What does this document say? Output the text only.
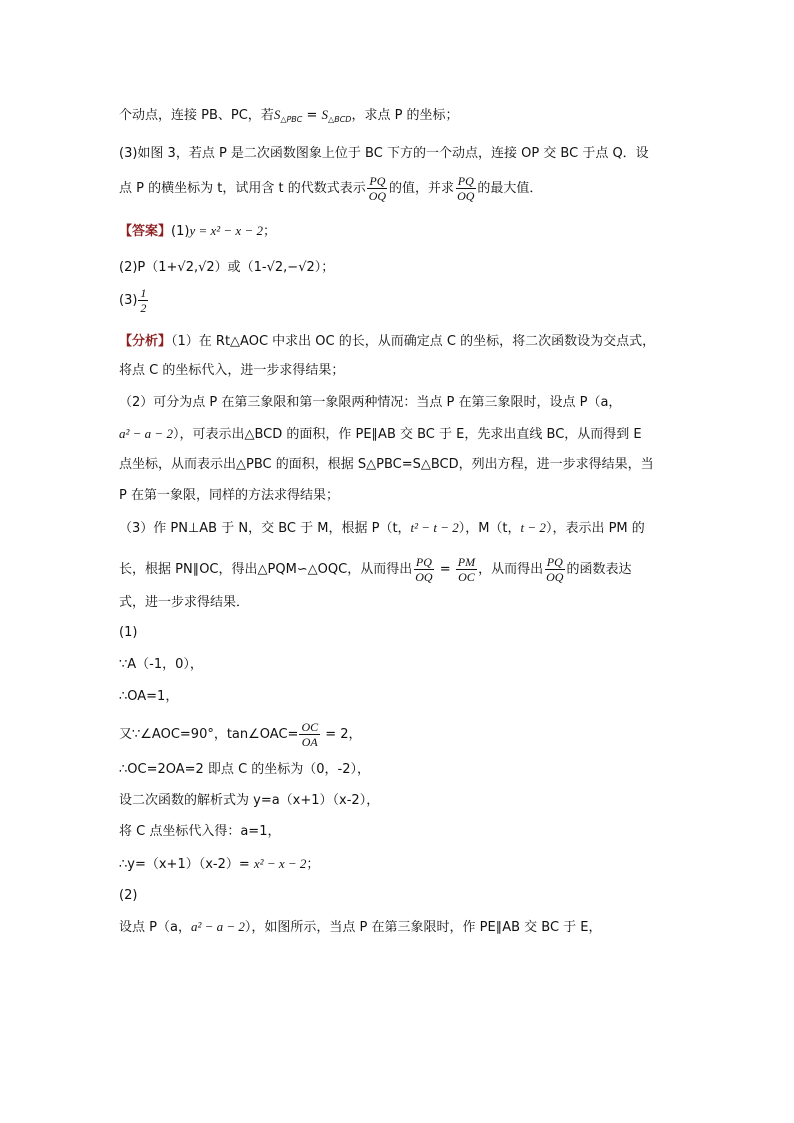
个动点，连接 PB、PC，若$S_{\triangle PBC} = S_{\triangle BCD}$，求点 P 的坐标；
(3)如图 3，若点 P 是二次函数图象上位于 BC 下方的一个动点，连接 OP 交 BC 于点 Q．设
点 P 的横坐标为 t，试用含 t 的代数式表示 $\frac{PQ}{OQ}$ 的值，并求 $\frac{PQ}{OQ}$ 的最大值．
【答案】(1)y = x² − x − 2；
(2)P（1+√2,√2）或（1-√2,−√2）；
$(3) \frac{1}{2}$
【分析】（1）在 Rt△AOC 中求出 OC 的长，从而确定点 C 的坐标，将二次函数设为交点式，
将点 C 的坐标代入，进一步求得结果；
（2）可分为点 P 在第三象限和第一象限两种情况：当点 P 在第三象限时，设点 P（a，
a² − a − 2），可表示出△BCD 的面积，作 PE∥AB 交 BC 于 E，先求出直线 BC，从而得到 E
点坐标，从而表示出△PBC 的面积，根据 S△PBC=S△BCD，列出方程，进一步求得结果，当
P 在第一象限，同样的方法求得结果；
（3）作 PN⊥AB 于 N，交 BC 于 M，根据 P（t，t² − t − 2），M（t，t − 2），表示出 PM 的
长，根据 PN∥OC，得出△PQM∽△OQC，从而得出 $\frac{PQ}{OQ} = \frac{PM}{OC}$ ，从而得出 $\frac{PQ}{OQ}$ 的函数表达
式，进一步求得结果．
(1)
∵A（-1，0），
∴OA=1，
又∵∠AOC=90°，tan∠OAC= $\frac{OC}{OA} = 2$，
∴OC=2OA=2 即点 C 的坐标为（0，-2），
设二次函数的解析式为 y=a（x+1）（x-2），
将 C 点坐标代入得：a=1，
∴y=（x+1）（x-2）= x² − x − 2；
(2)
设点 P（a，a² − a − 2），如图所示，当点 P 在第三象限时，作 PE∥AB 交 BC 于 E，
